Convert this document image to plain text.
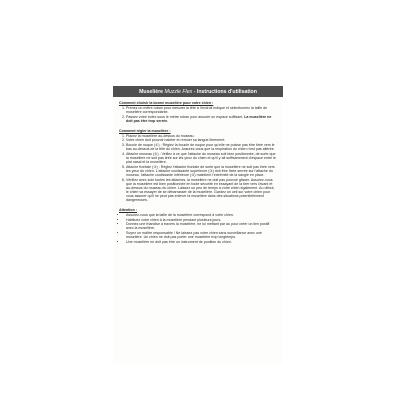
Muselière Muzzle Flex - Instructions d'utilisation
Comment choisir la bonne muselière pour votre chien :
1. Prenez un mètre ruban pour mesurer la tête à l'endroit indiqué et sélectionnez la taille de muselière correspondante.
2. Passez votre index sous le mètre ruban pour assurer un espace suffisant. La muselière ne doit pas être trop serrée.
Comment régler la muselière :
1. Placez la muselière au-dessus du museau.
2. Votre chien doit pouvoir haleter et remuer sa langue librement.
3. Boucle de nuque (①) : Réglez la boucle de nuque pour qu'elle ne puisse pas être tirée vers le bas au-dessus de la tête du chien. Assurez-vous que la respiration du chien n'est pas altérée.
4. Attache museau (②) : Veillez à ce que l'attache du museau soit bien positionnée, de sorte que la muselière ne soit pas tirée sur les yeux du chien et qu'il y ait suffisamment d'espace entre le plat nasal et la muselière.
5. Attache frontale (③) : Réglez l'attache frontale de sorte que la muselière ne soit pas tirée vers les yeux du chien. L'attache coulissante supérieure (③) doit être fixée serrée sur l'attache du museau, l'attache coulissante inférieure (③) maintient l'extrémité de la sangle en place.
6. Vérifiez avec soin toutes les attaches, la muselière ne doit pas pouvoir glisser. Assurez-vous que la muselière est bien positionnée en toute sécurité en essayant de la tirer vers l'avant et au-dessus du museau du chien. Laissez un peu de temps à votre chien également. Au début, le chien va essayer de se débarrasser de la muselière. Gardez un oeil sur votre chien pour vous assurer qu'il ne peut pas enlever la muselière dans des situations potentiellement dangereuses.
Attention :
• Assurez-vous que la taille de la muselière correspond à votre chien.
• Habituez votre chien à la muselière pendant plusieurs jours.
• Donnez une friandise à travers la muselière, ne lui mettant par au pour créer un lien positif avec la muselière.
• Soyez un maître responsable ! Ne laissez pas votre chien sans surveillance avec une muselière. Un chien ne doit pas porter une muselière trop longtemps.
• Une muselière ne doit pas être un instrument de punition du chien.
